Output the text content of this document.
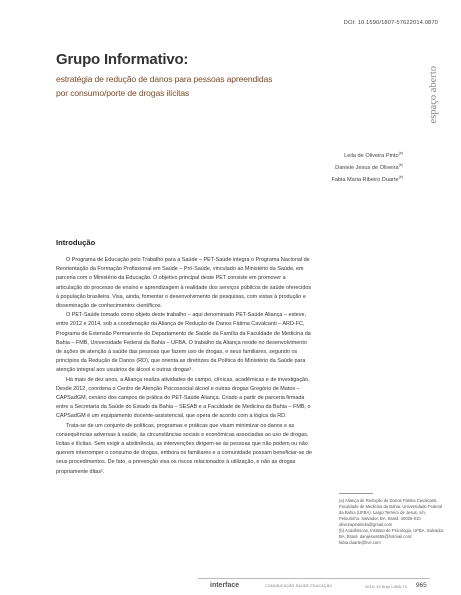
DOI: 10.1590/1807-57622014.0870
espaço aberto
Grupo Informativo:
estratégia de redução de danos para pessoas apreendidas
por consumo/porte de drogas ilícitas
Leila de Oliveira Pinto$^{(a)}$
Daniele Jesus de Oliveira$^{(b)}$
Fabia Maria Ribeiro Duarte$^{(b)}$
Introdução

O Programa de Educação pelo Trabalho para a Saúde – PET-Saúde integra o Programa Nacional de Reorientação da Formação Profissional em Saúde – Pró-Saúde, vinculado ao Ministério da Saúde, em parceria com o Ministério da Educação. O objetivo principal deste PET consiste em promover a articulação do processo de ensino e aprendizagem à realidade dos serviços públicos de saúde oferecidos à população brasileira. Visa, ainda, fomentar o desenvolvimento de pesquisas, com vistas à produção e disseminação de conhecimentos científicos.

O PET-Saúde tomado como objeto deste trabalho – aqui denominado PET-Saúde Aliança – esteve, entre 2012 e 2014, sob a coordenação da Aliança de Redução de Danos Fátima Cavalcanti – ARD-FC, Programa de Extensão Permanente do Departamento de Saúde da Família da Faculdade de Medicina da Bahia – FMB, Universidade Federal da Bahia – UFBA. O trabalho da Aliança reside no desenvolvimento de ações de atenção à saúde das pessoas que fazem uso de drogas, e seus familiares, segundo os princípios da Redução de Danos (RD), que orienta as diretrizes da Política do Ministério da Saúde para atenção integral aos usuários de álcool e outras drogas¹.

Há mais de dez anos, a Aliança realiza atividades de campo, clínicas, acadêmicas e de investigação. Desde 2012, coordena o Centro de Atenção Psicossocial álcool e outras drogas Gregório de Matos – CAPSadGM, cenário dos campos de prática do PET-Saúde Aliança. Criado a partir de parceria firmada entre a Secretaria da Saúde do Estado da Bahia – SESAB e a Faculdade de Medicina da Bahia – FMB, o CAPSadGM é um equipamento docente-assistencial, que opera de acordo com a lógica da RD.

Trata-se de um conjunto de políticas, programas e práticas que visam minimizar os danos e as consequências adversas à saúde, às circunstâncias sociais e econômicas associadas ao uso de drogas, lícitas e ilícitas. Sem exigir a abstinência, as intervenções dirigem-se às pessoas que não podem ou não querem interromper o consumo de drogas, embora os familiares e a comunidade possam beneficiar-se de seus procedimentos. De fato, a prevenção visa os riscos relacionados à utilização, e não as drogas propriamente ditas².

(a) Aliança de Redução de Danos Fátima Cavalcanti, Faculdade de Medicina da Bahia, Universidade Federal da Bahia (UFBA). Largo Terreiro de Jesus, s/n, Pelourinho. Salvador, BA, Brasil. 40026-010 oliveirapinteleila@gmail.com
(b) Acadêmicas, Instituto de Psicologia, UFBA. Salvador, BA, Brasil. danijesus655@hotmail.com; fabia.duarte@live.com
interface	COMUNICAÇÃO SAÚDE EDUCAÇÃO	2015; 19 Supl 1:965-73 965
